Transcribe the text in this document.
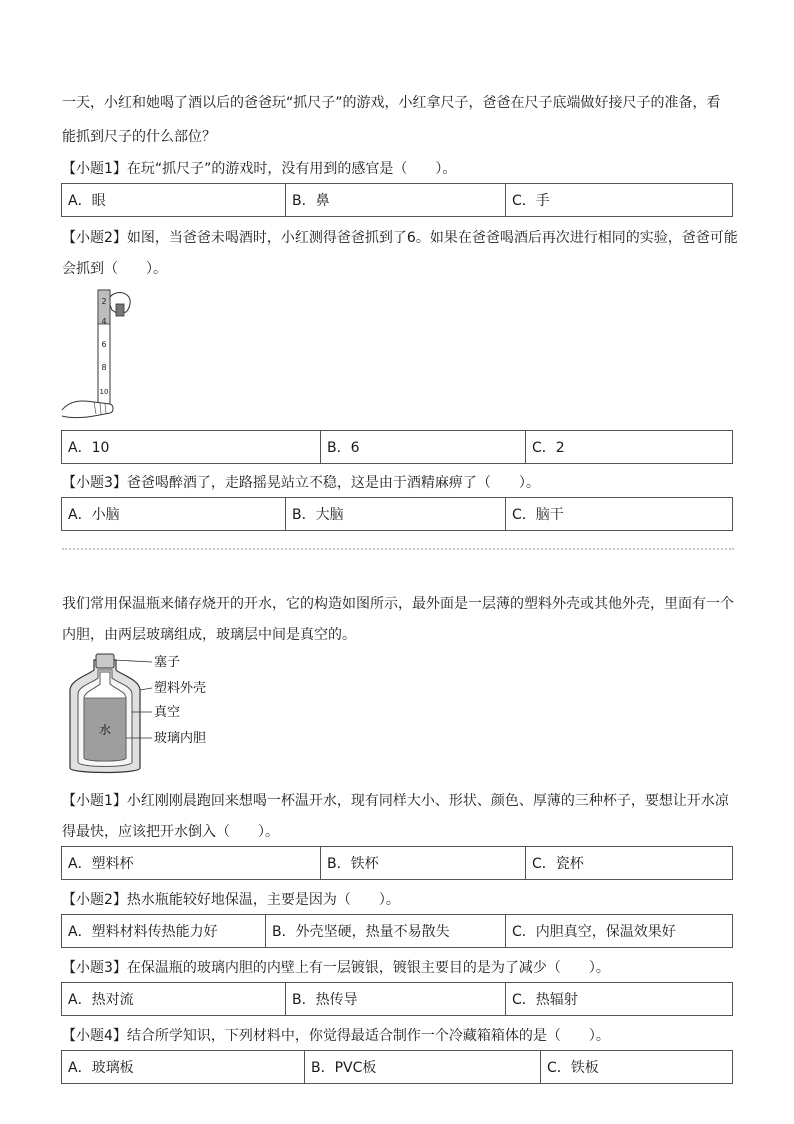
一天，小红和她喝了酒以后的爸爸玩“抓尺子”的游戏，小红拿尺子，爸爸在尺子底端做好接尺子的准备，看
能抓到尺子的什么部位？
【小题1】在玩“抓尺子”的游戏时，没有用到的感官是（　　）。
A．眼	B．鼻	C．手
【小题2】如图，当爸爸未喝酒时，小红测得爸爸抓到了6。如果在爸爸喝酒后再次进行相同的实验，爸爸可能
会抓到（　　）。
2
4
6
8
10
A．10	B．6	C．2
【小题3】爸爸喝醉酒了，走路摇晃站立不稳，这是由于酒精麻痹了（　　）。
A．小脑	B．大脑	C．脑干
我们常用保温瓶来储存烧开的开水，它的构造如图所示，最外面是一层薄的塑料外壳或其他外壳，里面有一个
内胆，由两层玻璃组成，玻璃层中间是真空的。
水
塞子
塑料外壳
真空
玻璃内胆
【小题1】小红刚刚晨跑回来想喝一杯温开水，现有同样大小、形状、颜色、厚薄的三种杯子，要想让开水凉
得最快，应该把开水倒入（　　）。
A．塑料杯	B．铁杯	C．瓷杯
【小题2】热水瓶能较好地保温，主要是因为（　　）。
A．塑料材料传热能力好	B．外壳坚硬，热量不易散失	C．内胆真空，保温效果好
【小题3】在保温瓶的玻璃内胆的内壁上有一层镀银，镀银主要目的是为了减少（　　）。
A．热对流	B．热传导	C．热辐射
【小题4】结合所学知识，下列材料中，你觉得最适合制作一个冷藏箱箱体的是（　　）。
A．玻璃板	B．PVC板	C．铁板
